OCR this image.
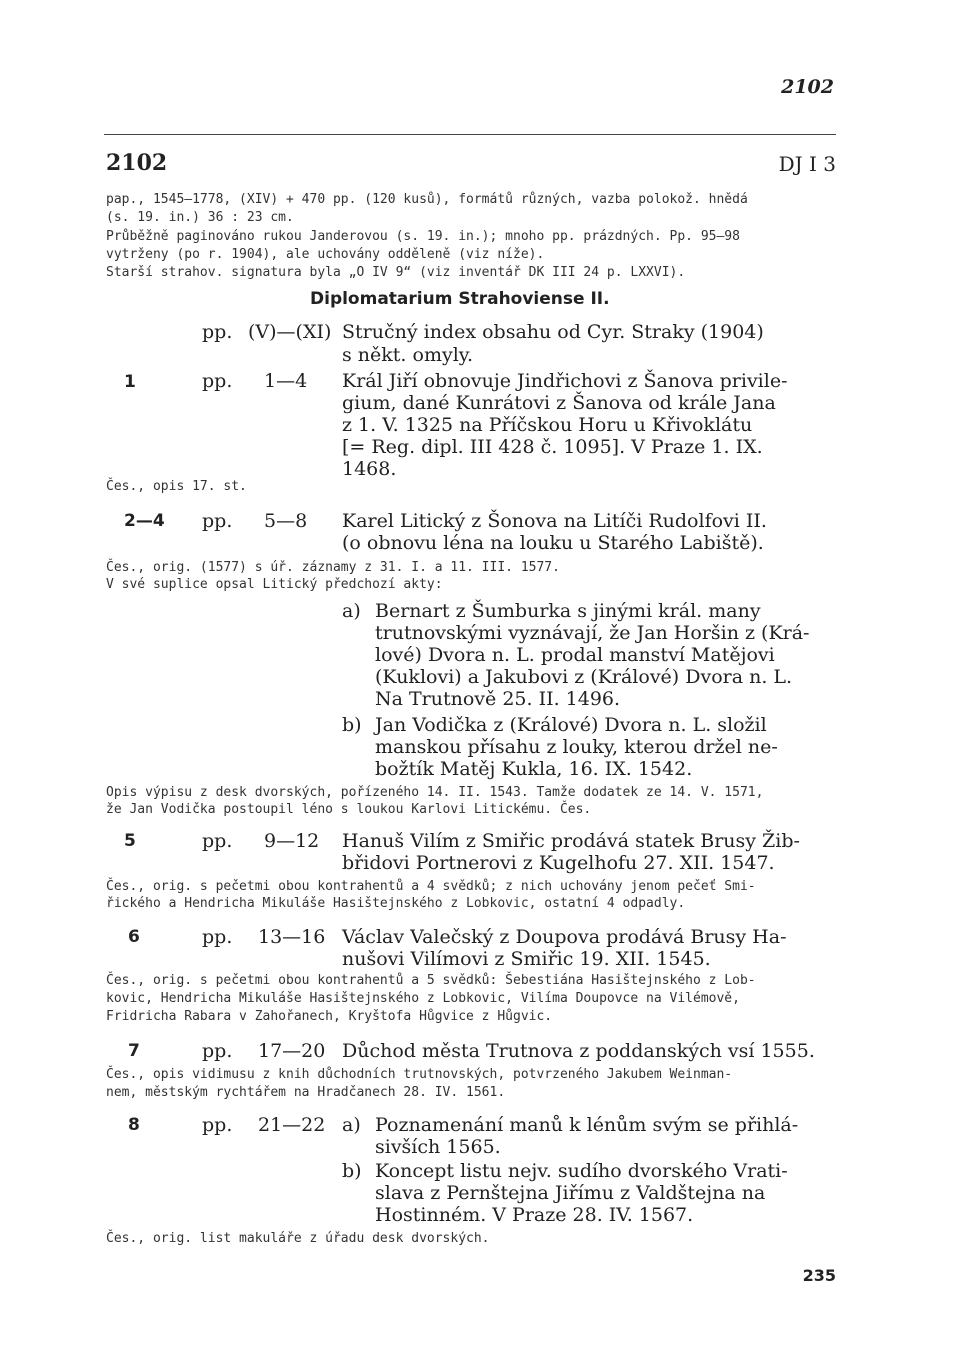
2102
2102	DJ I 3
pap., 1545—1778, (XIV) + 470 pp. (120 kusů), formátů různých, vazba polokož. hnědá
(s. 19. in.) 36 : 23 cm.
Průběžně paginováno rukou Janderovou (s. 19. in.); mnoho pp. prázdných. Pp. 95—98
vytrženy (po r. 1904), ale uchovány odděleně (viz níže).
Starší strahov. signatura byla „O IV 9“ (viz inventář DK III 24 p. LXXVI).
Diplomatarium Strahoviense II.
pp. (V)—(XI) Stručný index obsahu od Cyr. Straky (1904)
s někt. omyly.
1	pp. 1—4 Král Jiří obnovuje Jindřichovi z Šanova privile-
gium, dané Kunrátovi z Šanova od krále Jana
z 1. V. 1325 na Příčskou Horu u Křivoklátu
[= Reg. dipl. III 428 č. 1095]. V Praze 1. IX.
1468.
Čes., opis 17. st.
2—4 pp. 5—8 Karel Litický z Šonova na Litíči Rudolfovi II.
(o obnovu léna na louku u Starého Labiště).
Čes., orig. (1577) s úř. záznamy z 31. I. a 11. III. 1577.
V své suplice opsal Litický předchozí akty:
a) Bernart z Šumburka s jinými král. many
trutnovskými vyznávají, že Jan Horšin z (Krá-
lové) Dvora n. L. prodal manství Matějovi
(Kuklovi) a Jakubovi z (Králové) Dvora n. L.
Na Trutnově 25. II. 1496.
b) Jan Vodička z (Králové) Dvora n. L. složil
manskou přísahu z louky, kterou držel ne-
božtík Matěj Kukla, 16. IX. 1542.
Opis výpisu z desk dvorských, pořízeného 14. II. 1543. Tamže dodatek ze 14. V. 1571,
že Jan Vodička postoupil léno s loukou Karlovi Litickému. Čes.
5	pp. 9—12 Hanuš Vilím z Smiřic prodává statek Brusy Žib-
břidovi Portnerovi z Kugelhofu 27. XII. 1547.
Čes., orig. s pečetmi obou kontrahentů a 4 svědků; z nich uchovány jenom pečeť Smi-
řického a Hendricha Mikuláše Hasištejnského z Lobkovic, ostatní 4 odpadly.
6	pp. 13—16 Václav Valečský z Doupova prodává Brusy Ha-
nušovi Vilímovi z Smiřic 19. XII. 1545.
Čes., orig. s pečetmi obou kontrahentů a 5 svědků: Šebestiána Hasištejnského z Lob-
kovic, Hendricha Mikuláše Hasištejnského z Lobkovic, Vilíma Doupovce na Vilémově,
Fridricha Rabara v Zahořanech, Kryštofa Hůgvice z Hůgvic.
7	pp. 17—20 Důchod města Trutnova z poddanských vsí 1555.
Čes., opis vidimusu z knih důchodních trutnovských, potvrzeného Jakubem Weinman-
nem, městským rychtářem na Hradčanech 28. IV. 1561.
8	pp. 21—22 a) Poznamenání manů k lénům svým se přihlá-
sivších 1565.
b) Koncept listu nejv. sudího dvorského Vrati-
slava z Pernštejna Jiřímu z Valdštejna na
Hostinném. V Praze 28. IV. 1567.
Čes., orig. list makuláře z úřadu desk dvorských.
235
